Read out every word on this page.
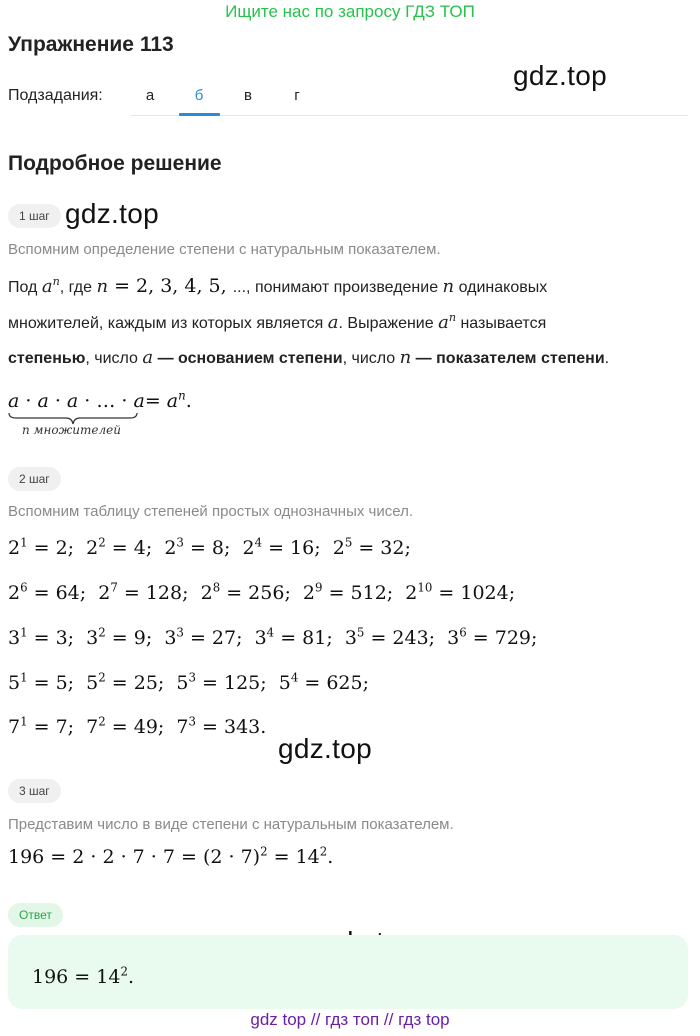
Ищите нас по запросу ГДЗ ТОП
Упражнение 113
gdz.top
gdz.top
gdz.top
Подзадания:	а	б	в	г
Подробное решение
1 шаг
Вспомним определение степени с натуральным показателем.
Под $a^n$, где n = 2, 3, 4, 5, ..., понимают произведение n одинаковых
множителей, каждым из которых является a. Выражение $a^n$ называется
степенью, число a — основанием степени, число n — показателем степени.
a · a · a · … · $a= a^n$.
n множителей
2 шаг
Вспомним таблицу степеней простых однозначных чисел.
$2^1 = 2$;  $2^2 = 4$;  $2^3 = 8$;  $2^4 = 16$;  $2^5 = 32$;
$2^6 = 64$;  $2^7 = 128$;  $2^8 = 256$;  $2^9 = 512$;  $2^{10} = 1024$;
$3^1 = 3$;  $3^2 = 9$;  $3^3 = 27$;  $3^4 = 81$;  $3^5 = 243$;  $3^6 = 729$;
$5^1 = 5$;  $5^2 = 25$;  $5^3 = 125$;  $5^4 = 625$;
$7^1 = 7$;  $7^2 = 49$;  $7^3 = 343$.
3 шаг
Представим число в виде степени с натуральным показателем.
$196 = 2 \cdot 2 \cdot 7 \cdot 7 = (2 \cdot 7)^2 = 14^2$.
Ответ
$196 = 14^2$.
gdz top // гдз топ // гдз top
